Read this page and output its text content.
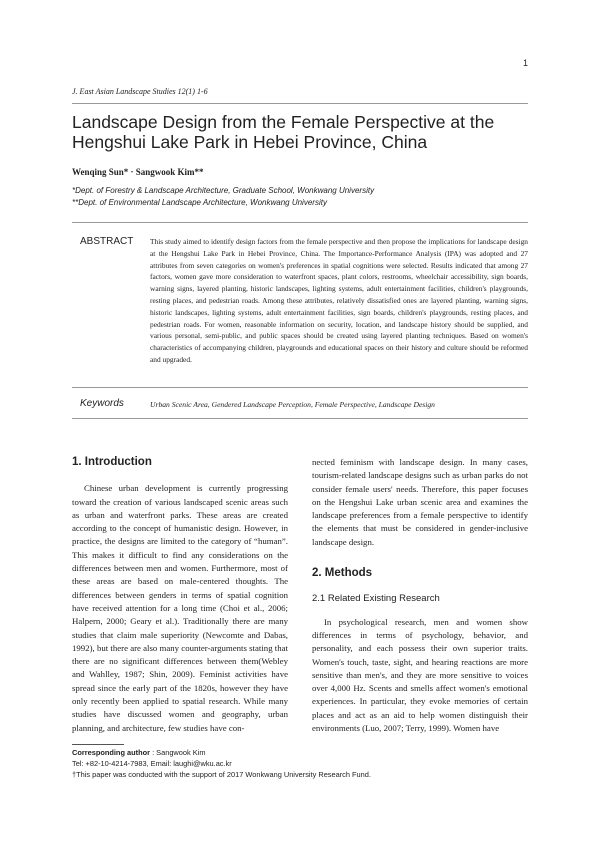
1
J. East Asian Landscape Studies 12(1) 1-6
Landscape Design from the Female Perspective at the Hengshui Lake Park in Hebei Province, China
Wenqing Sun* · Sangwook Kim**
*Dept. of Forestry & Landscape Architecture, Graduate School, Wonkwang University
**Dept. of Environmental Landscape Architecture, Wonkwang University
ABSTRACT This study aimed to identify design factors from the female perspective and then propose the implications for landscape design at the Hengshui Lake Park in Hebei Province, China. The Importance-Performance Analysis (IPA) was adopted and 27 attributes from seven categories on women's preferences in spatial cognitions were selected. Results indicated that among 27 factors, women gave more consideration to waterfront spaces, plant colors, restrooms, wheelchair accessibility, sign boards, warning signs, layered planting, historic landscapes, lighting systems, adult entertainment facilities, children's playgrounds, resting places, and pedestrian roads. Among these attributes, relatively dissatisfied ones are layered planting, warning signs, historic landscapes, lighting systems, adult entertainment facilities, sign boards, children's playgrounds, resting places, and pedestrian roads. For women, reasonable information on security, location, and landscape history should be supplied, and various personal, semi-public, and public spaces should be created using layered planting techniques. Based on women's characteristics of accompanying children, playgrounds and educational spaces on their history and culture should be reformed and upgraded.
Keywords	Urban Scenic Area, Gendered Landscape Perception, Female Perspective, Landscape Design
1. Introduction

Chinese urban development is currently progressing toward the creation of various landscaped scenic areas such as urban and waterfront parks. These areas are created according to the concept of humanistic design. However, in practice, the designs are limited to the category of “human”. This makes it difficult to find any considerations on the differences between men and women. Furthermore, most of these areas are based on male-centered thoughts. The differences between genders in terms of spatial cognition have received attention for a long time (Choi et al., 2006; Halpern, 2000; Geary et al.). Traditionally there are many studies that claim male superiority (Newcomte and Dabas, 1992), but there are also many counter-arguments stating that there are no significant differences between them(Webley and Wahlley, 1987; Shin, 2009). Feminist activities have spread since the early part of the 1820s, however they have only recently been applied to spatial research. While many studies have discussed women and geography, urban planning, and architecture, few studies have con-

nected feminism with landscape design. In many cases, tourism-related landscape designs such as urban parks do not consider female users' needs. Therefore, this paper focuses on the Hengshui Lake urban scenic area and examines the landscape preferences from a female perspective to identify the elements that must be considered in gender-inclusive landscape design.

2. Methods
2.1 Related Existing Research

In psychological research, men and women show differences in terms of psychology, behavior, and personality, and each possess their own superior traits. Women's touch, taste, sight, and hearing reactions are more sensitive than men's, and they are more sensitive to voices over 4,000 Hz. Scents and smells affect women's emotional experiences. In particular, they evoke memories of certain places and act as an aid to help women distinguish their environments (Luo, 2007; Terry, 1999). Women have

Corresponding author : Sangwook Kim
Tel: +82-10-4214-7983, Email: laughi@wku.ac.kr
†This paper was conducted with the support of 2017 Wonkwang University Research Fund.
